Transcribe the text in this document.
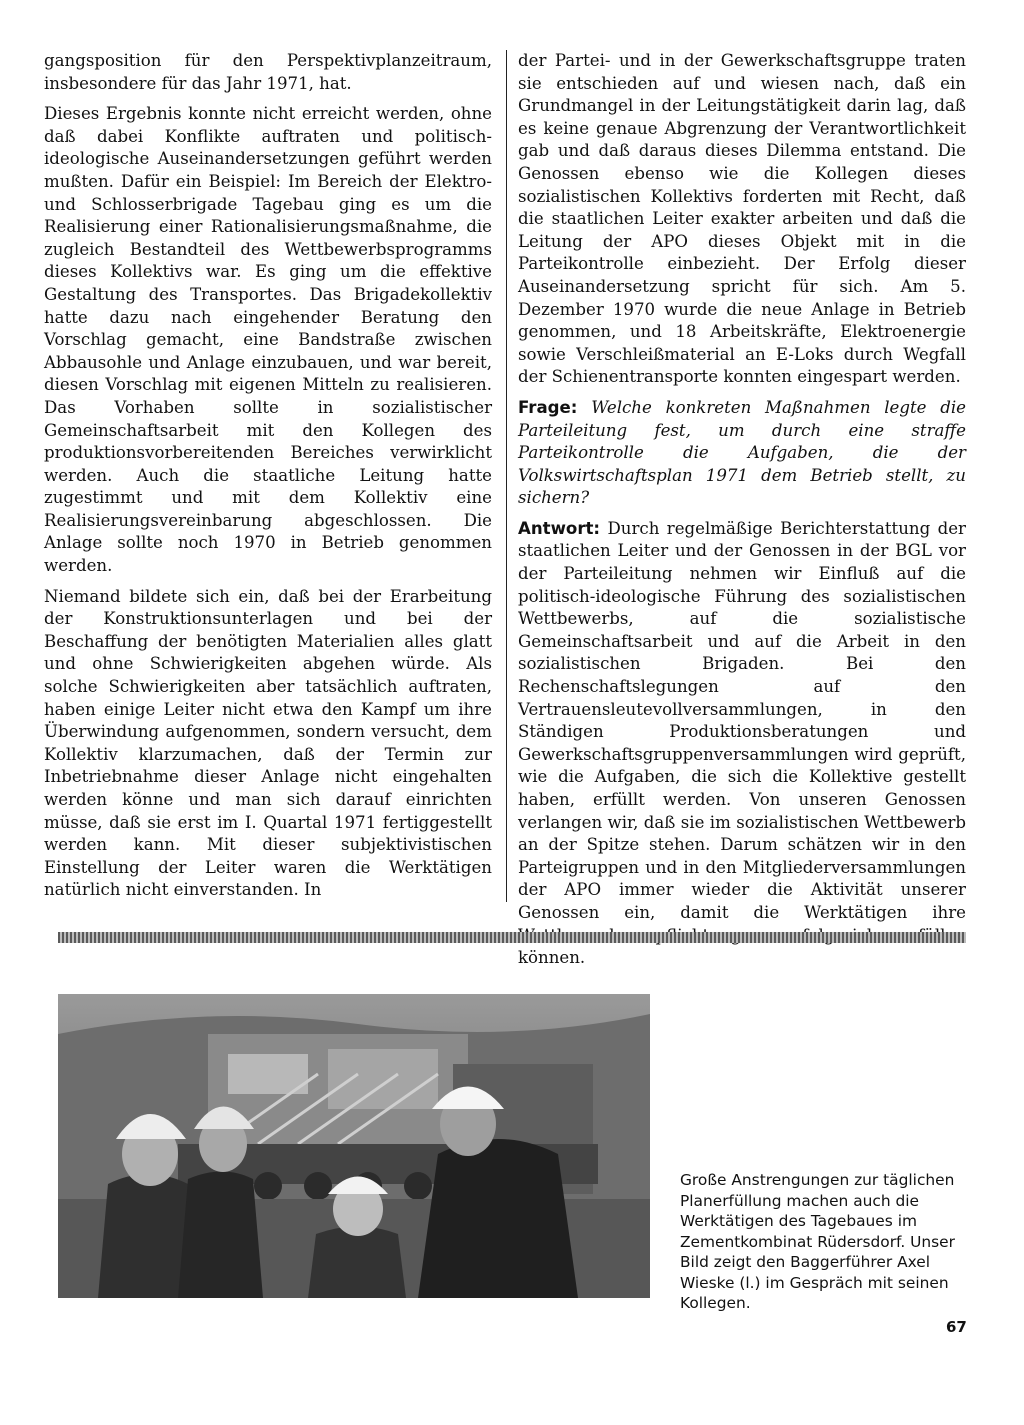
gangsposition für den Perspektivplanzeitraum, insbesondere für das Jahr 1971, hat.

Dieses Ergebnis konnte nicht erreicht werden, ohne daß dabei Konflikte auftraten und politisch-ideologische Auseinandersetzungen geführt werden mußten. Dafür ein Beispiel: Im Bereich der Elektro- und Schlosserbrigade Tagebau ging es um die Realisierung einer Rationalisierungsmaßnahme, die zugleich Bestandteil des Wettbewerbsprogramms dieses Kollektivs war. Es ging um die effektive Gestaltung des Transportes. Das Brigadekollektiv hatte dazu nach eingehender Beratung den Vorschlag gemacht, eine Bandstraße zwischen Abbausohle und Anlage einzubauen, und war bereit, diesen Vorschlag mit eigenen Mitteln zu realisieren. Das Vorhaben sollte in sozialistischer Gemeinschaftsarbeit mit den Kollegen des produktionsvorbereitenden Bereiches verwirklicht werden. Auch die staatliche Leitung hatte zugestimmt und mit dem Kollektiv eine Realisierungsvereinbarung abgeschlossen. Die Anlage sollte noch 1970 in Betrieb genommen werden.

Niemand bildete sich ein, daß bei der Erarbeitung der Konstruktionsunterlagen und bei der Beschaffung der benötigten Materialien alles glatt und ohne Schwierigkeiten abgehen würde. Als solche Schwierigkeiten aber tatsächlich auftraten, haben einige Leiter nicht etwa den Kampf um ihre Überwindung aufgenommen, sondern versucht, dem Kollektiv klarzumachen, daß der Termin zur Inbetriebnahme dieser Anlage nicht eingehalten werden könne und man sich darauf einrichten müsse, daß sie erst im I. Quartal 1971 fertiggestellt werden kann. Mit dieser subjektivistischen Einstellung der Leiter waren die Werktätigen natürlich nicht einverstanden. In

der Partei- und in der Gewerkschaftsgruppe traten sie entschieden auf und wiesen nach, daß ein Grundmangel in der Leitungstätigkeit darin lag, daß es keine genaue Abgrenzung der Verantwortlichkeit gab und daß daraus dieses Dilemma entstand. Die Genossen ebenso wie die Kollegen dieses sozialistischen Kollektivs forderten mit Recht, daß die staatlichen Leiter exakter arbeiten und daß die Leitung der APO dieses Objekt mit in die Parteikontrolle einbezieht. Der Erfolg dieser Auseinandersetzung spricht für sich. Am 5. Dezember 1970 wurde die neue Anlage in Betrieb genommen, und 18 Arbeitskräfte, Elektroenergie sowie Verschleißmaterial an E-Loks durch Wegfall der Schienentransporte konnten eingespart werden.

Frage: Welche konkreten Maßnahmen legte die Parteileitung fest, um durch eine straffe Parteikontrolle die Aufgaben, die der Volkswirtschaftsplan 1971 dem Betrieb stellt, zu sichern?

Antwort: Durch regelmäßige Berichterstattung der staatlichen Leiter und der Genossen in der BGL vor der Parteileitung nehmen wir Einfluß auf die politisch-ideologische Führung des sozialistischen Wettbewerbs, auf die sozialistische Gemeinschaftsarbeit und auf die Arbeit in den sozialistischen Brigaden. Bei den Rechenschaftslegungen auf den Vertrauensleutevollversammlungen, in den Ständigen Produktionsberatungen und Gewerkschaftsgruppenversammlungen wird geprüft, wie die Aufgaben, die sich die Kollektive gestellt haben, erfüllt werden. Von unseren Genossen verlangen wir, daß sie im sozialistischen Wettbewerb an der Spitze stehen. Darum schätzen wir in den Parteigruppen und in den Mitgliederversammlungen der APO immer wieder die Aktivität unserer Genossen ein, damit die Werktätigen ihre können.

Große Anstrengungen zur täglichen Planerfüllung machen auch die Werktätigen des Tagebaues im Zementkombinat Rüdersdorf. Unser Bild zeigt den Baggerführer Axel Wieske (l.) im Gespräch mit seinen Kollegen.
67
